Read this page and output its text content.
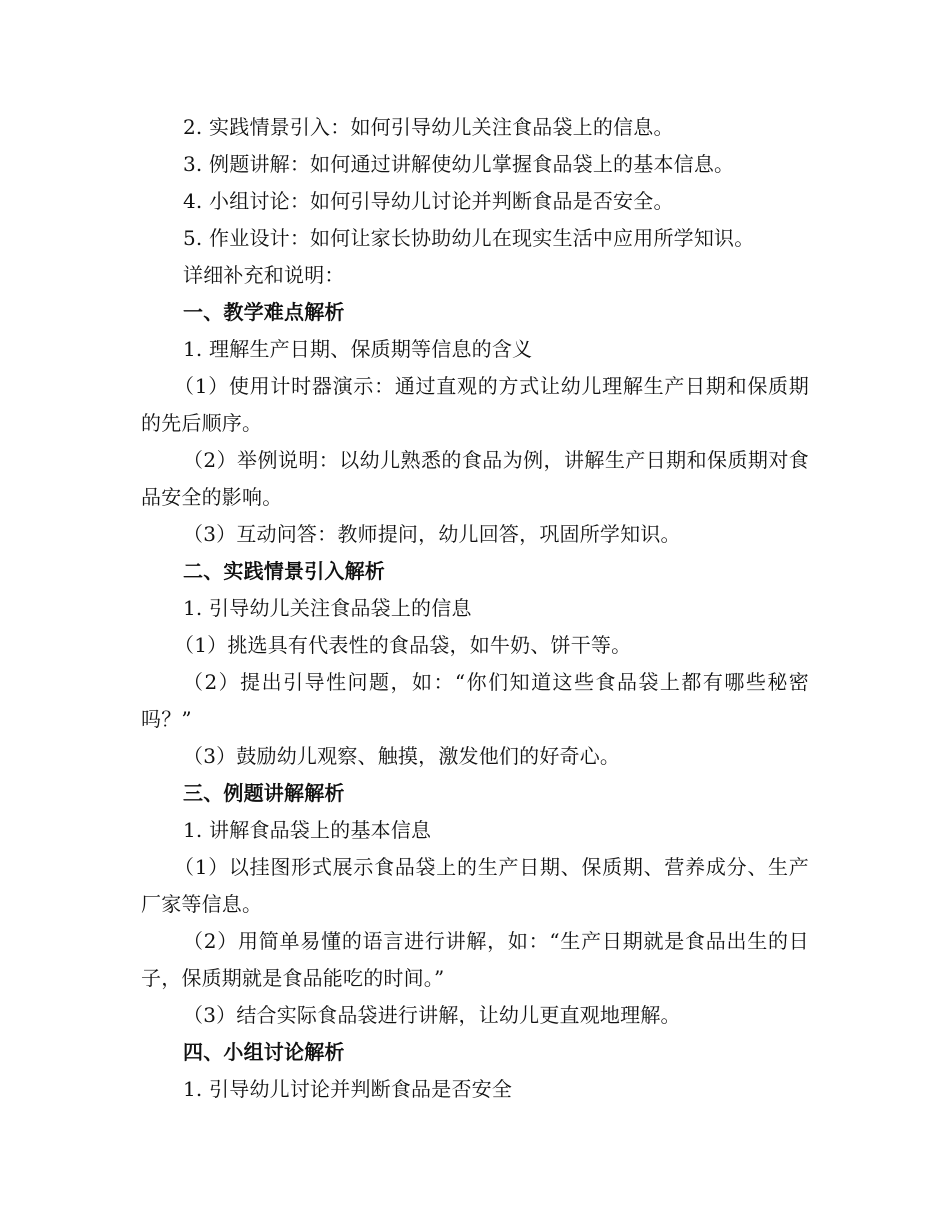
2. 实践情景引入：如何引导幼儿关注食品袋上的信息。
3. 例题讲解：如何通过讲解使幼儿掌握食品袋上的基本信息。
4. 小组讨论：如何引导幼儿讨论并判断食品是否安全。
5. 作业设计：如何让家长协助幼儿在现实生活中应用所学知识。
详细补充和说明：
一、教学难点解析
1. 理解生产日期、保质期等信息的含义

（1）使用计时器演示：通过直观的方式让幼儿理解生产日期和保质期的先后顺序。

（2）举例说明：以幼儿熟悉的食品为例，讲解生产日期和保质期对食品安全的影响。

（3）互动问答：教师提问，幼儿回答，巩固所学知识。
二、实践情景引入解析
1. 引导幼儿关注食品袋上的信息
（1）挑选具有代表性的食品袋，如牛奶、饼干等。

（2）提出引导性问题，如：“你们知道这些食品袋上都有哪些秘密吗？”

（3）鼓励幼儿观察、触摸，激发他们的好奇心。
三、例题讲解解析
1. 讲解食品袋上的基本信息

（1）以挂图形式展示食品袋上的生产日期、保质期、营养成分、生产厂家等信息。

（2）用简单易懂的语言进行讲解，如：“生产日期就是食品出生的日子，保质期就是食品能吃的时间。”

（3）结合实际食品袋进行讲解，让幼儿更直观地理解。
四、小组讨论解析
1. 引导幼儿讨论并判断食品是否安全
